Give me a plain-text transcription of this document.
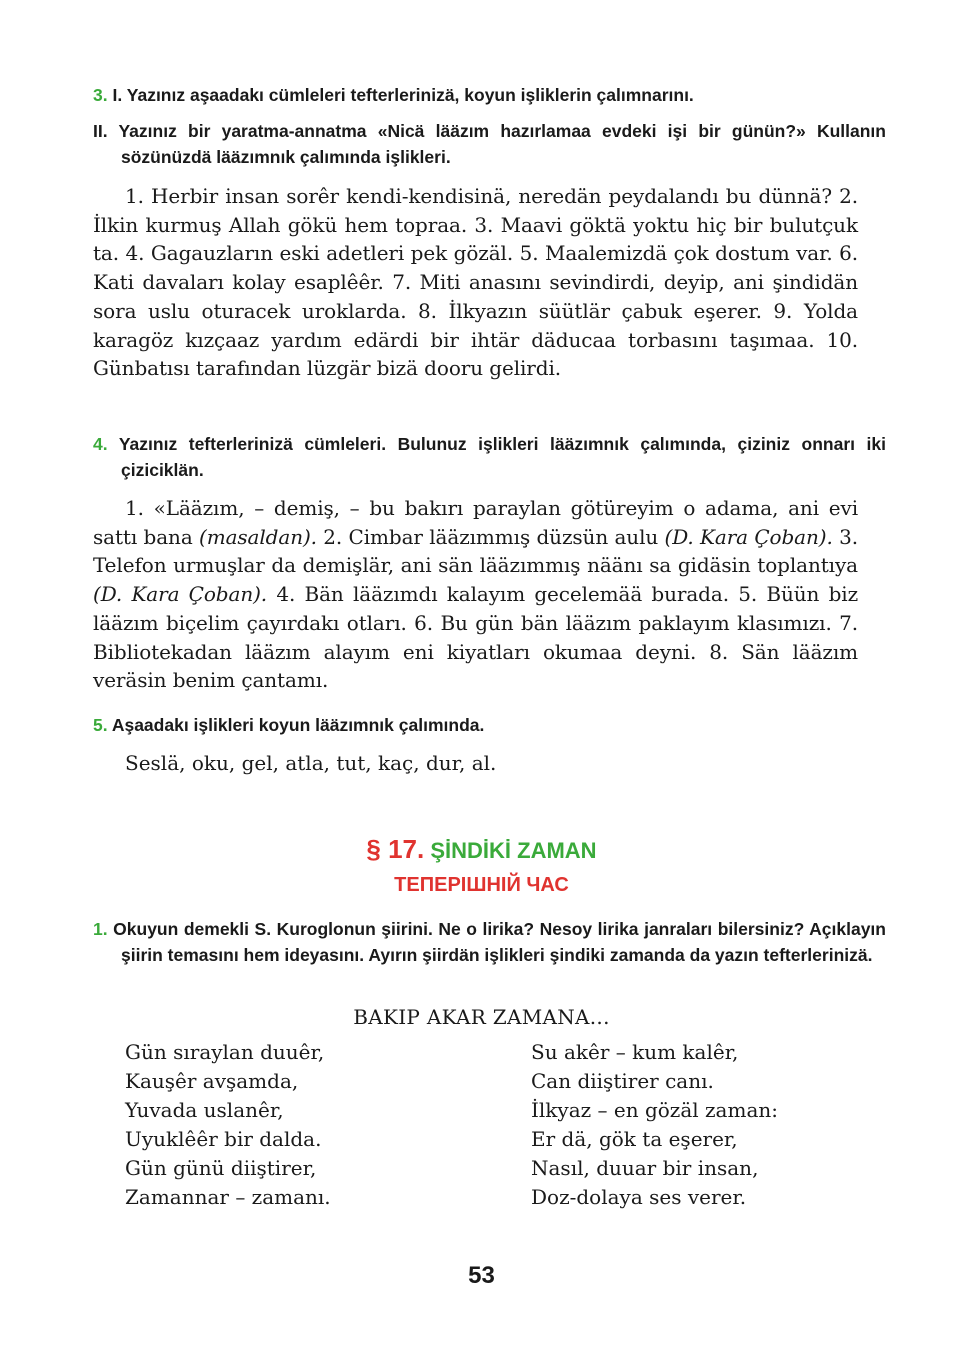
3. I. Yazınız aşaadakı cümleleri tefterlerinizä, koyun işliklerin çalımnarını.
II. Yazınız bir yaratma-annatma «Nicä lääzım hazırlamaa evdeki işi bir günün?» Kullanın sözünüzdä lääzımnık çalımında işlikleri.
1. Herbir insan sorêr kendi-kendisinä, neredän peydalandı bu dünnä? 2. İlkin kurmuş Allah gökü hem topraa. 3. Maavi göktä yoktu hiç bir bulutçuk ta. 4. Gagauzların eski adetleri pek gözäl. 5. Maalemizdä çok dostum var. 6. Kati davaları kolay esaplêêr. 7. Miti anasını sevindirdi, deyip, ani şindidän sora uslu oturacek uroklarda. 8. İlkyazın süütlär çabuk eşerer. 9. Yolda karagöz kızçaaz yardım edärdi bir ihtär däducaa torbasını taşımaa. 10. Günbatısı tarafından lüzgär bizä dooru gelirdi.
4. Yazınız tefterlerinizä cümleleri. Bulunuz işlikleri lääzımnık çalımında, çiziniz onnarı iki çiziciklän.
1. «Lääzım, – demiş, – bu bakırı paraylan götüreyim o adama, ani evi sattı bana (masaldan). 2. Cimbar lääzımmış düzsün aulu (D. Kara Çoban). 3. Telefon urmuşlar da demişlär, ani sän lääzımmış näänı sa gidäsin toplantıya (D. Kara Çoban). 4. Bän lääzımdı kalayım gecelemää burada. 5. Büün biz lääzım biçelim çayırdakı otları. 6. Bu gün bän lääzım paklayım klasımızı. 7. Bibliotekadan lääzım alayım eni kiyatları okumaa deyni. 8. Sän lääzım veräsin benim çantamı.
5. Aşaadakı işlikleri koyun lääzımnık çalımında.
Seslä, oku, gel, atla, tut, kaç, dur, al.
§ 17. ŞİNDİKİ ZAMAN
ТЕПЕРІШНІЙ ЧАС
1. Okuyun demekli S. Kuroglonun şiirini. Ne o lirika? Nesoy lirika janraları bilersiniz? Açıklayın şiirin temasını hem ideyasını. Ayırın şiirdän işlikleri şindiki zamanda da yazın tefterlerinizä.
BAKIP AKAR ZAMANA...
Gün sıraylan duuêr,
Kauşêr avşamda,
Yuvada uslanêr,
Uyuklêêr bir dalda.
Gün günü diiştirer,
Zamannar – zamanı.
Su akêr – kum kalêr,
Can diiştirer canı.
İlkyaz – en gözäl zaman:
Er dä, gök ta eşerer,
Nasıl, duuar bir insan,
Doz-dolaya ses verer.
53
